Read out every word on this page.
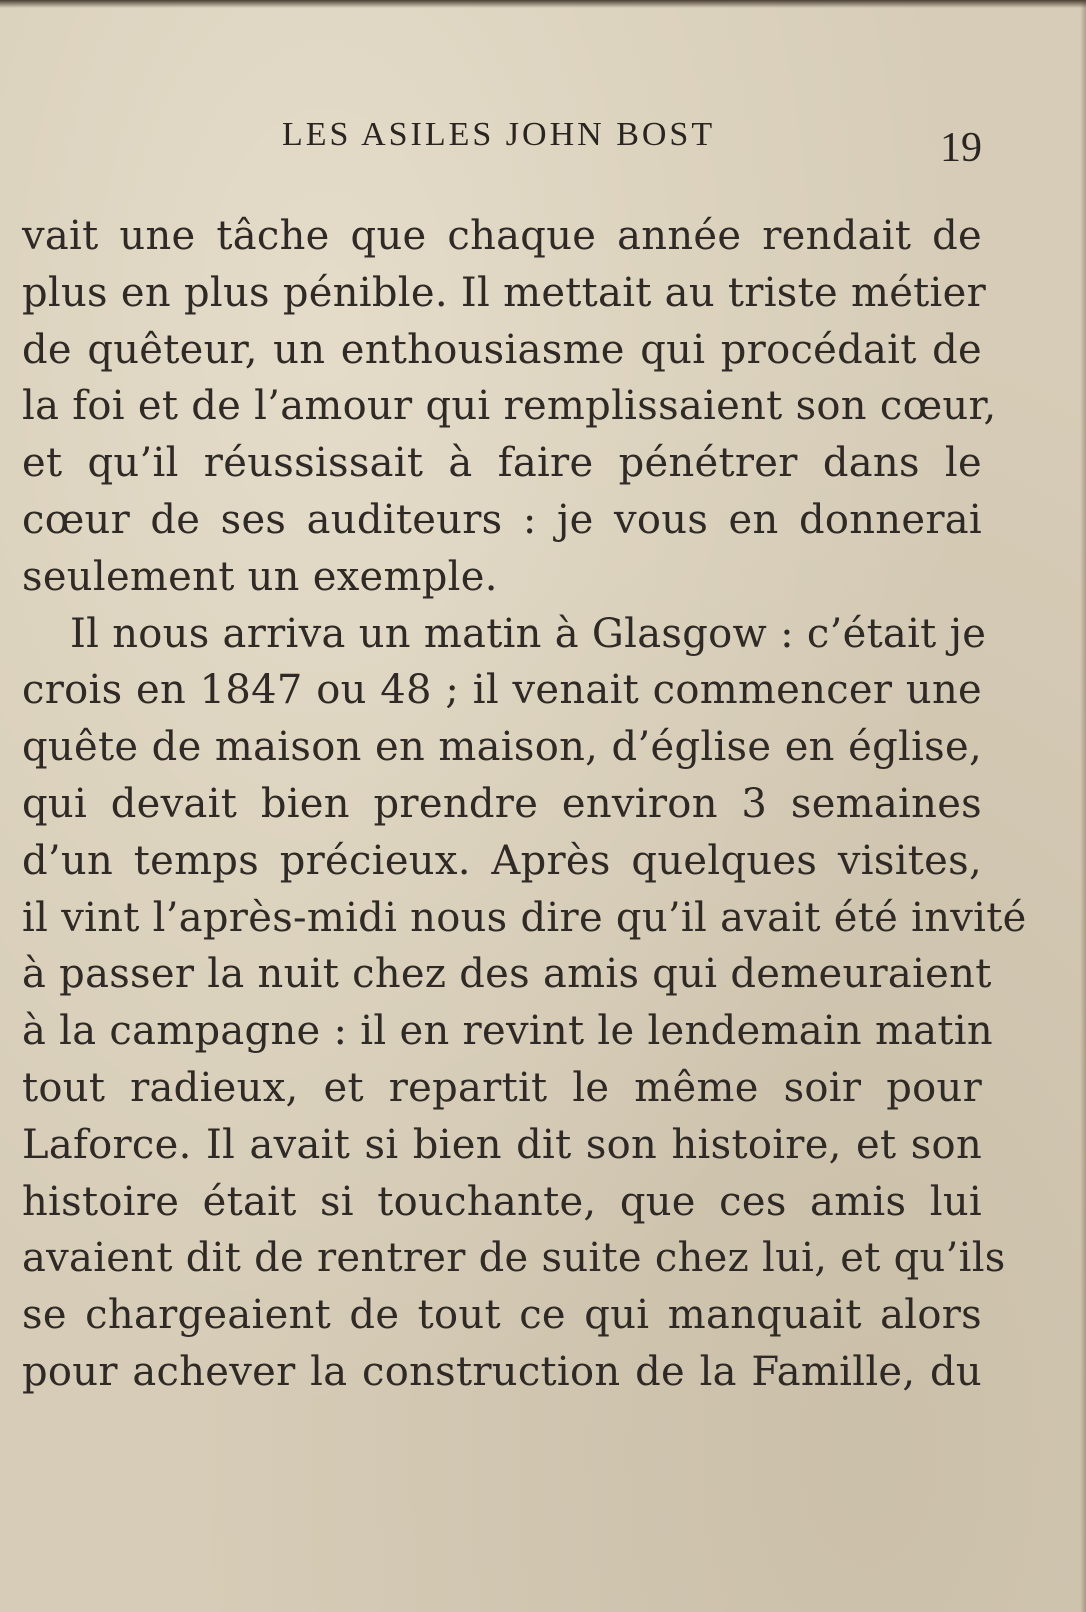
LES ASILES JOHN BOST	19
vait une tâche que chaque année rendait de
plus en plus pénible. Il mettait au triste métier
de quêteur, un enthousiasme qui procédait de
la foi et de l’amour qui remplissaient son cœur,
et qu’il réussissait à faire pénétrer dans le
cœur de ses auditeurs : je vous en donnerai
seulement un exemple.
Il nous arriva un matin à Glasgow : c’était je
crois en 1847 ou 48 ; il venait commencer une
quête de maison en maison, d’église en église,
qui devait bien prendre environ 3 semaines
d’un temps précieux. Après quelques visites,
il vint l’après-midi nous dire qu’il avait été invité
à passer la nuit chez des amis qui demeuraient
à la campagne : il en revint le lendemain matin
tout radieux, et repartit le même soir pour
Laforce. Il avait si bien dit son histoire, et son
histoire était si touchante, que ces amis lui
avaient dit de rentrer de suite chez lui, et qu’ils
se chargeaient de tout ce qui manquait alors
pour achever la construction de la Famille, du
